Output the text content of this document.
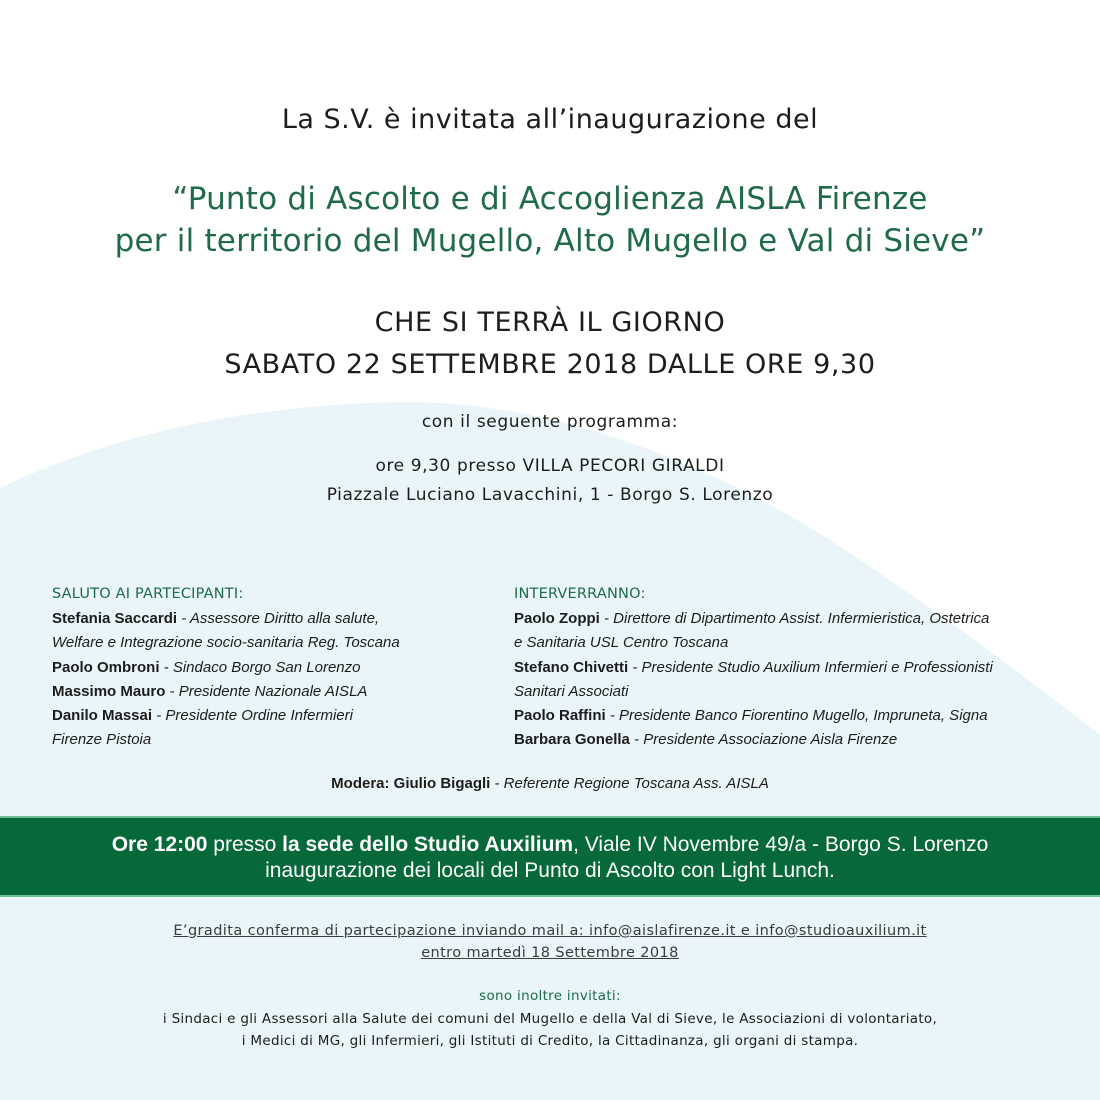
La S.V. è invitata all’inaugurazione del
“Punto di Ascolto e di Accoglienza AISLA Firenze
per il territorio del Mugello, Alto Mugello e Val di Sieve”
CHE SI TERRÀ IL GIORNO
SABATO 22 SETTEMBRE 2018 DALLE ORE 9,30
con il seguente programma:
ore 9,30 presso VILLA PECORI GIRALDI
Piazzale Luciano Lavacchini, 1 - Borgo S. Lorenzo
SALUTO AI PARTECIPANTI:
Stefania Saccardi - Assessore Diritto alla salute,
Welfare e Integrazione socio-sanitaria Reg. Toscana
Paolo Ombroni - Sindaco Borgo San Lorenzo
Massimo Mauro - Presidente Nazionale AISLA
Danilo Massai - Presidente Ordine Infermieri
Firenze Pistoia
INTERVERRANNO:
Paolo Zoppi - Direttore di Dipartimento Assist. Infermieristica, Ostetrica
e Sanitaria USL Centro Toscana
Stefano Chivetti - Presidente Studio Auxilium Infermieri e Professionisti
Sanitari Associati
Paolo Raffini - Presidente Banco Fiorentino Mugello, Impruneta, Signa
Barbara Gonella - Presidente Associazione Aisla Firenze
Modera: Giulio Bigagli - Referente Regione Toscana Ass. AISLA
Ore 12:00 presso la sede dello Studio Auxilium, Viale IV Novembre 49/a - Borgo S. Lorenzo
inaugurazione dei locali del Punto di Ascolto con Light Lunch.
E’gradita conferma di partecipazione inviando mail a: info@aislafirenze.it e info@studioauxilium.it
entro martedì 18 Settembre 2018
sono inoltre invitati:
i Sindaci e gli Assessori alla Salute dei comuni del Mugello e della Val di Sieve, le Associazioni di volontariato,
i Medici di MG, gli Infermieri, gli Istituti di Credito, la Cittadinanza, gli organi di stampa.
